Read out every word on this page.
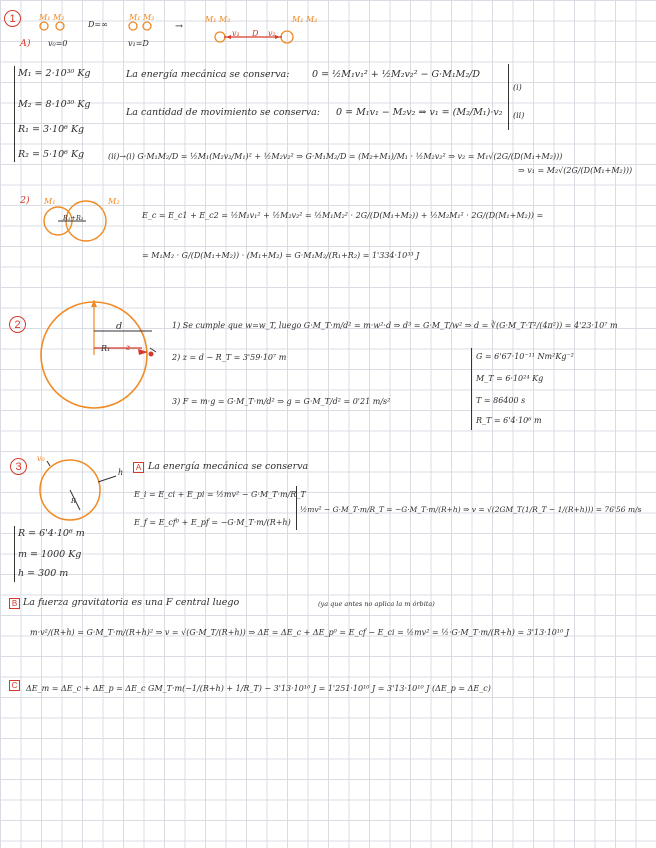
1
A)
M₁ M₂
D=∞
M₁ M₂
v₀=0	v₁=D
→
M₁ M₂
v₁ D v₂
M₁ M₂
M₁ = 2·10³⁰ Kg
M₂ = 8·10³⁰ Kg
R₁ = 3·10⁶ Kg
R₂ = 5·10⁶ Kg
La energía mecánica se conserva: 0 = ½M₁v₁² + ½M₂v₂² − G·M₁M₂/D
La cantidad de movimiento se conserva: 0 = M₁v₁ − M₂v₂ ⇒ v₁ = (M₂/M₁)·v₂
(i)
(ii)
(ii)→(i) G·M₁M₂/D = ½M₁(M₂v₂/M₁)² + ½M₂v₂² ⇒ G·M₁M₂/D = (M₂+M₁)/M₁ · ½M₂v₂² ⇒ v₂ = M₁√(2G/(D(M₁+M₂)))
⇒ v₁ = M₂√(2G/(D(M₁+M₂)))
2) M₁	M₂
R₁+R₂	E_c = E_c1 + E_c2 = ½M₁v₁² + ½M₂v₂² = ½M₁M₂² · 2G/(D(M₁+M₂)) + ½M₂M₁² · 2G/(D(M₁+M₂)) =
= M₁M₂ · G/(D(M₁+M₂)) · (M₁+M₂) = G·M₁M₂/(R₁+R₂) = 1'334·10³³ J
2	d
R₁ z
1) Se cumple que w=w_T, luego G·M_T·m/d² = m·w²·d ⇒ d³ = G·M_T/w² ⇒ d = ∛(G·M_T·T²/(4π²)) = 4'23·10⁷ m
2) z = d − R_T = 3'59·10⁷ m
3) F = m·g = G·M_T·m/d² ⇒ g = G·M_T/d² = 0'21 m/s²
G = 6'67·10⁻¹¹ Nm²Kg⁻²
M_T = 6·10²⁴ Kg
T = 86400 s
R_T = 6'4·10⁶ m
3
v₀
h
R
R = 6'4·10⁶ m
m = 1000 Kg
h = 300 m
A La energía mecánica se conserva
E_i = E_ci + E_pi = ½mv² − G·M_T·m/R_T
E_f = E_cf⁰ + E_pf = −G·M_T·m/(R+h)
½mv² − G·M_T·m/R_T = −G·M_T·m/(R+h) ⇒ v = √(2GM_T(1/R_T − 1/(R+h))) = 76'56 m/s
B La fuerza gravitatoria es una F central luego	(ya que antes no aplica la m órbita)
m·v²/(R+h) = G·M_T·m/(R+h)² ⇒ v = √(G·M_T/(R+h)) ⇒ ΔE = ΔE_c + ΔE_p⁰ = E_cf − E_ci = ½mv² = ½·G·M_T·m/(R+h) = 3'13·10¹⁰ J
C	ΔE_m = ΔE_c + ΔE_p = ΔE_c GM_T·m(−1/(R+h) + 1/R_T) − 3'13·10¹⁰ J = 1'251·10¹⁰ J = 3'13·10¹⁰ J (ΔE_p = ΔE_c)
